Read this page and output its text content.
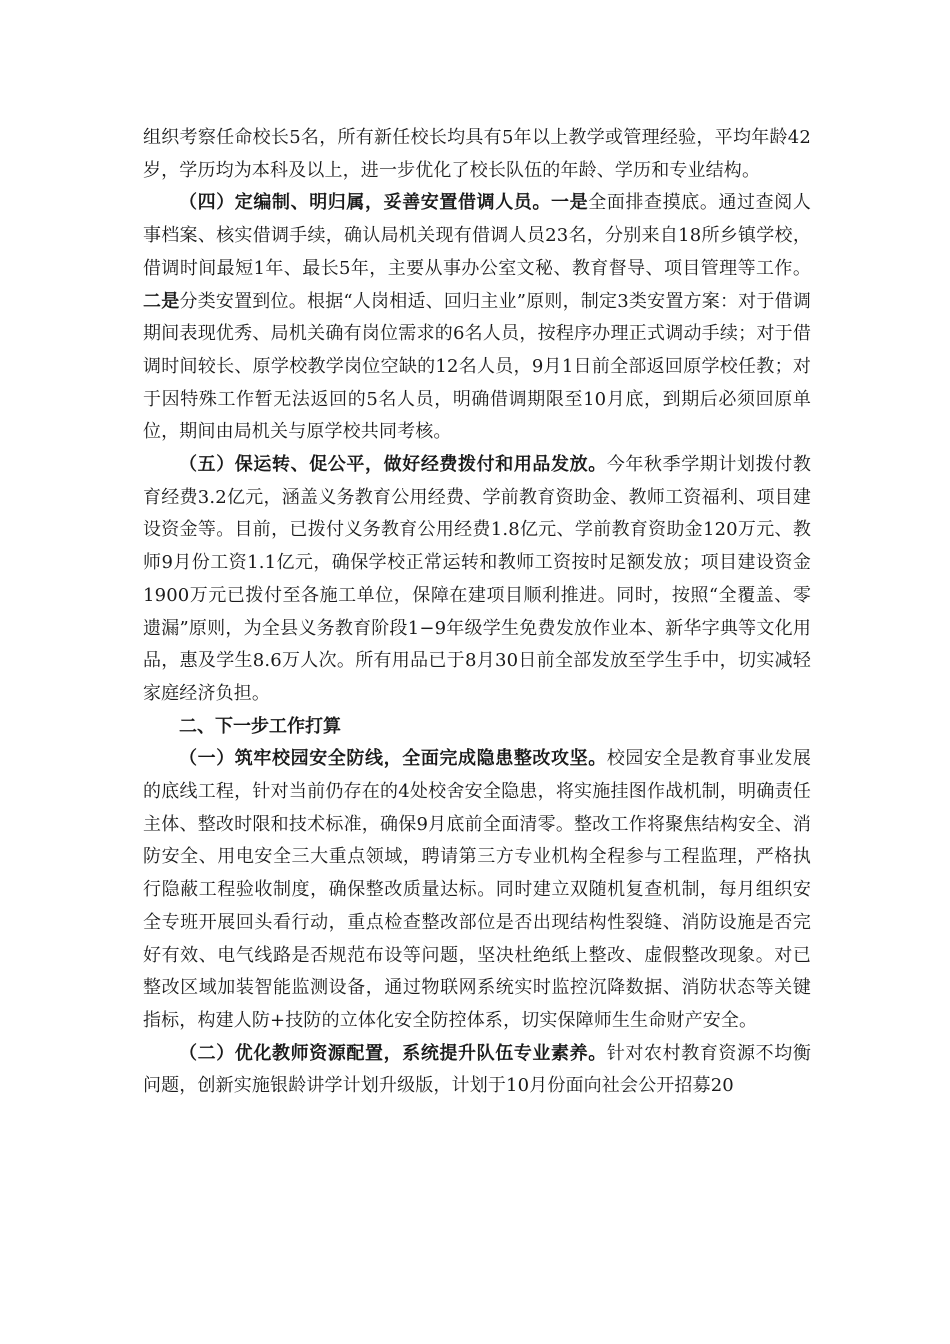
组织考察任命校长5名，所有新任校长均具有5年以上教学或管理经验，平均年龄42岁，学历均为本科及以上，进一步优化了校长队伍的年龄、学历和专业结构。

（四）定编制、明归属，妥善安置借调人员。一是全面排查摸底。通过查阅人事档案、核实借调手续，确认局机关现有借调人员23名，分别来自18所乡镇学校，借调时间最短1年、最长5年，主要从事办公室文秘、教育督导、项目管理等工作。二是分类安置到位。根据“人岗相适、回归主业”原则，制定3类安置方案：对于借调期间表现优秀、局机关确有岗位需求的6名人员，按程序办理正式调动手续；对于借调时间较长、原学校教学岗位空缺的12名人员，9月1日前全部返回原学校任教；对于因特殊工作暂无法返回的5名人员，明确借调期限至10月底，到期后必须回原单位，期间由局机关与原学校共同考核。

（五）保运转、促公平，做好经费拨付和用品发放。今年秋季学期计划拨付教育经费3.2亿元，涵盖义务教育公用经费、学前教育资助金、教师工资福利、项目建设资金等。目前，已拨付义务教育公用经费1.8亿元、学前教育资助金120万元、教师9月份工资1.1亿元，确保学校正常运转和教师工资按时足额发放；项目建设资金1900万元已拨付至各施工单位，保障在建项目顺利推进。同时，按照“全覆盖、零遗漏”原则，为全县义务教育阶段1−9年级学生免费发放作业本、新华字典等文化用品，惠及学生8.6万人次。所有用品已于8月30日前全部发放至学生手中，切实减轻家庭经济负担。

二、下一步工作打算

（一）筑牢校园安全防线，全面完成隐患整改攻坚。校园安全是教育事业发展的底线工程，针对当前仍存在的4处校舍安全隐患，将实施挂图作战机制，明确责任主体、整改时限和技术标准，确保9月底前全面清零。整改工作将聚焦结构安全、消防安全、用电安全三大重点领域，聘请第三方专业机构全程参与工程监理，严格执行隐蔽工程验收制度，确保整改质量达标。同时建立双随机复查机制，每月组织安全专班开展回头看行动，重点检查整改部位是否出现结构性裂缝、消防设施是否完好有效、电气线路是否规范布设等问题，坚决杜绝纸上整改、虚假整改现象。对已整改区域加装智能监测设备，通过物联网系统实时监控沉降数据、消防状态等关键指标，构建人防+技防的立体化安全防控体系，切实保障师生生命财产安全。

（二）优化教师资源配置，系统提升队伍专业素养。针对农村教育资源不均衡问题，创新实施银龄讲学计划升级版，计划于10月份面向社会公开招募20
